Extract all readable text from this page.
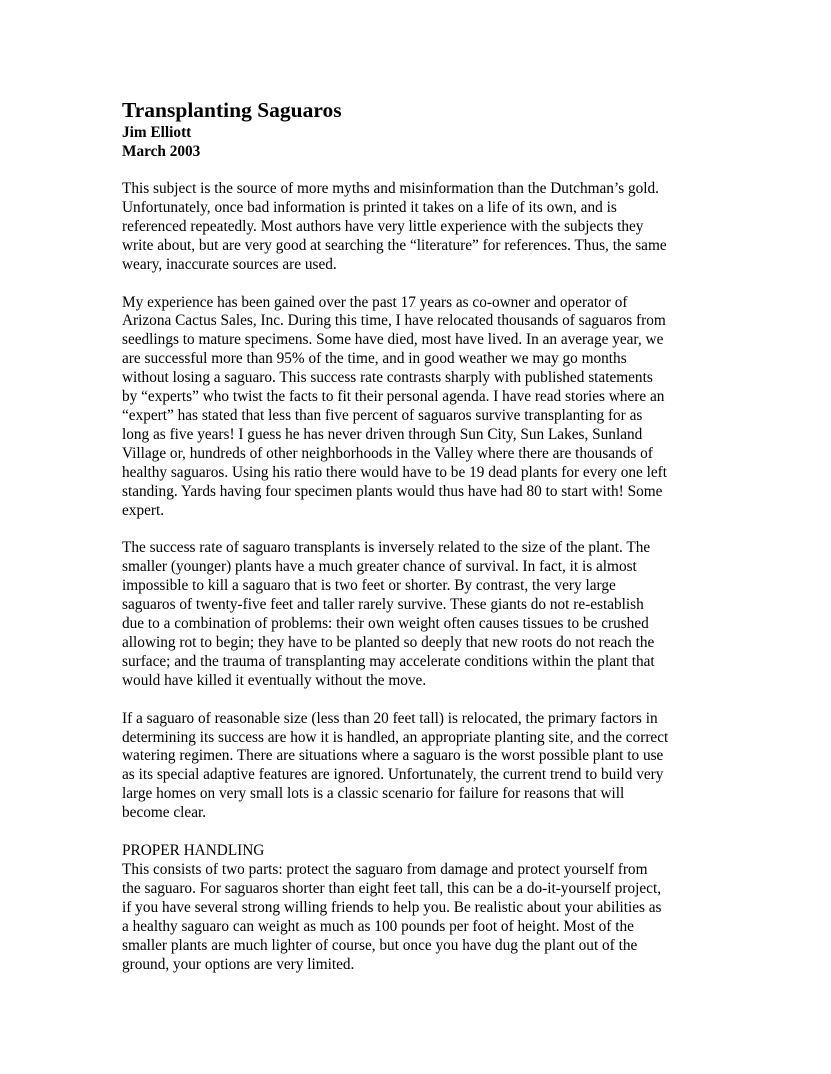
Transplanting Saguaros
Jim Elliott
March 2003
This subject is the source of more myths and misinformation than the Dutchman’s gold.
Unfortunately, once bad information is printed it takes on a life of its own, and is
referenced repeatedly. Most authors have very little experience with the subjects they
write about, but are very good at searching the “literature” for references. Thus, the same
weary, inaccurate sources are used.
My experience has been gained over the past 17 years as co-owner and operator of
Arizona Cactus Sales, Inc. During this time, I have relocated thousands of saguaros from
seedlings to mature specimens. Some have died, most have lived. In an average year, we
are successful more than 95% of the time, and in good weather we may go months
without losing a saguaro. This success rate contrasts sharply with published statements
by “experts” who twist the facts to fit their personal agenda. I have read stories where an
“expert” has stated that less than five percent of saguaros survive transplanting for as
long as five years! I guess he has never driven through Sun City, Sun Lakes, Sunland
Village or, hundreds of other neighborhoods in the Valley where there are thousands of
healthy saguaros. Using his ratio there would have to be 19 dead plants for every one left
standing. Yards having four specimen plants would thus have had 80 to start with! Some
expert.
The success rate of saguaro transplants is inversely related to the size of the plant. The
smaller (younger) plants have a much greater chance of survival. In fact, it is almost
impossible to kill a saguaro that is two feet or shorter. By contrast, the very large
saguaros of twenty-five feet and taller rarely survive. These giants do not re-establish
due to a combination of problems: their own weight often causes tissues to be crushed
allowing rot to begin; they have to be planted so deeply that new roots do not reach the
surface; and the trauma of transplanting may accelerate conditions within the plant that
would have killed it eventually without the move.
If a saguaro of reasonable size (less than 20 feet tall) is relocated, the primary factors in
determining its success are how it is handled, an appropriate planting site, and the correct
watering regimen. There are situations where a saguaro is the worst possible plant to use
as its special adaptive features are ignored. Unfortunately, the current trend to build very
large homes on very small lots is a classic scenario for failure for reasons that will
become clear.
PROPER HANDLING
This consists of two parts: protect the saguaro from damage and protect yourself from
the saguaro. For saguaros shorter than eight feet tall, this can be a do-it-yourself project,
if you have several strong willing friends to help you. Be realistic about your abilities as
a healthy saguaro can weight as much as 100 pounds per foot of height. Most of the
smaller plants are much lighter of course, but once you have dug the plant out of the
ground, your options are very limited.
